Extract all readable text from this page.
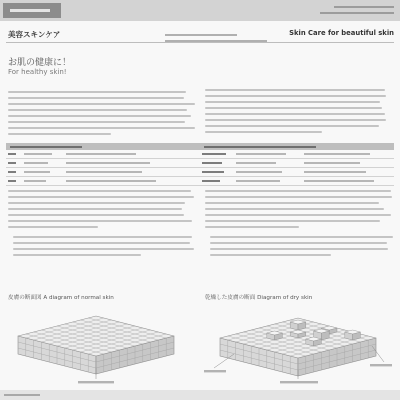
美容スキンケア	Skin Care for beautiful skin
お肌の健康に！
For healthy skin!
皮膚の断面図 A diagram of normal skin	乾燥した皮膚の断面 Diagram of dry skin
